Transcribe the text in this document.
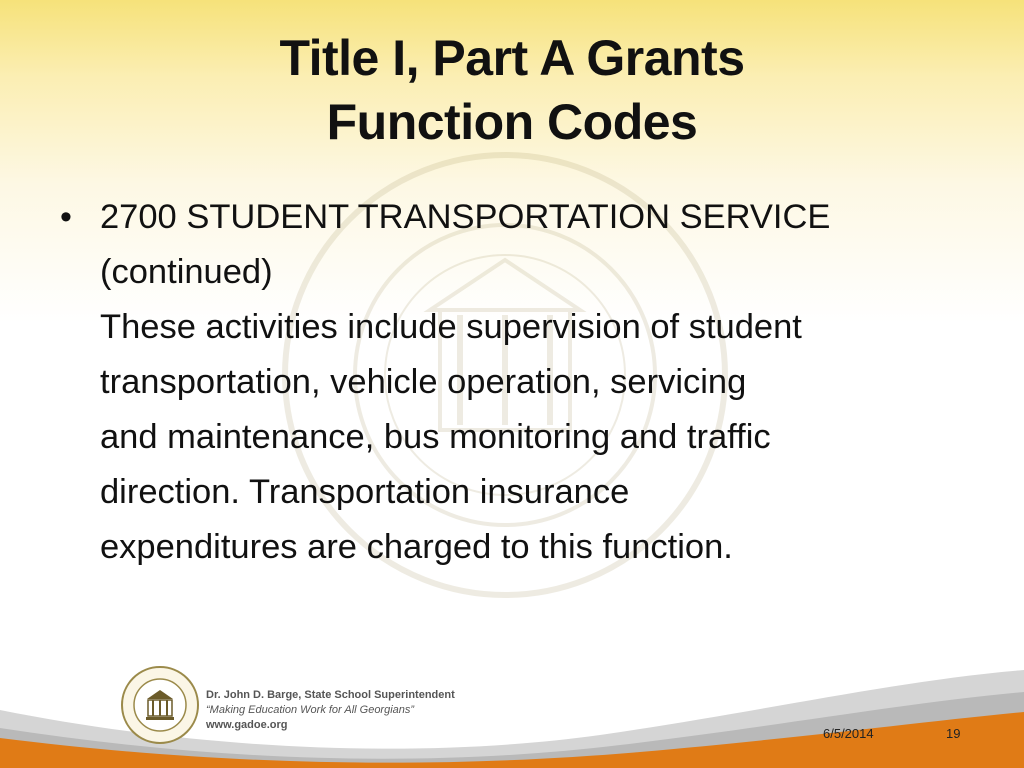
Title I, Part A Grants
Function Codes
• 2700 STUDENT TRANSPORTATION SERVICE
(continued)
These activities include supervision of student
transportation, vehicle operation, servicing
and maintenance, bus monitoring and traffic
direction. Transportation insurance
expenditures are charged to this function.
Dr. John D. Barge, State School Superintendent
“Making Education Work for All Georgians”
www.gadoe.org
6/5/2014	19
